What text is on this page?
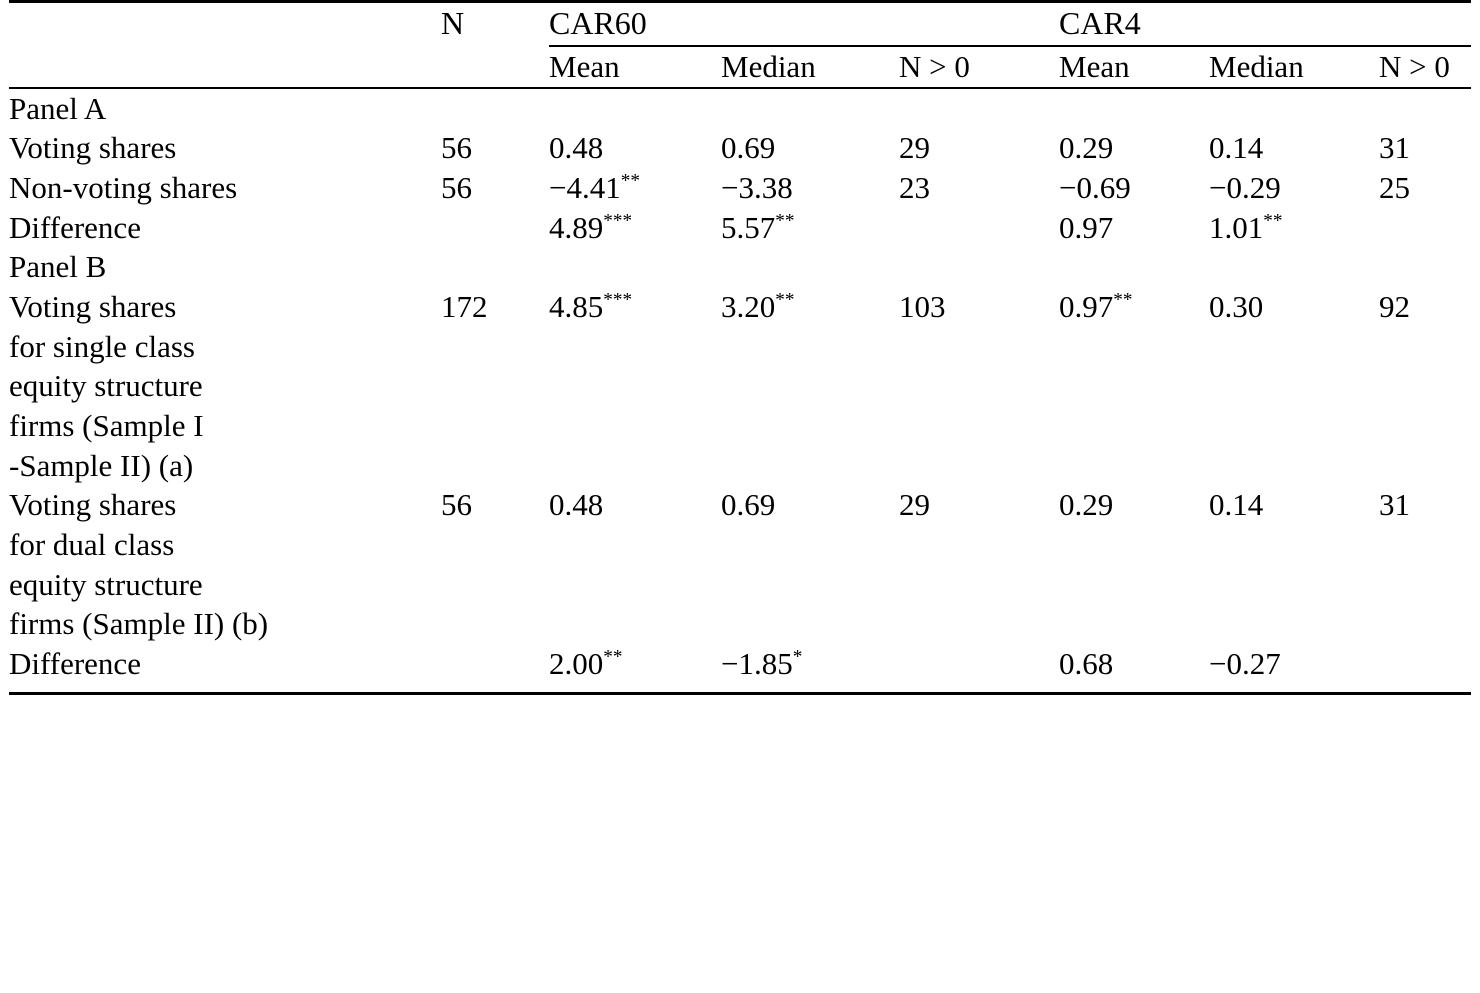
	N	CAR60			CAR4		

		Mean	Median	N > 0	Mean	Median	N > 0

Panel A							
Voting shares	56	0.48	0.69	29	0.29	0.14	31
Non-voting shares	56	−4.41**	−3.38	23	−0.69	−0.29	25
Difference		4.89***	5.57**		0.97	1.01**	
Panel B							
Voting shares	172	4.85***	3.20**	103	0.97**	0.30	92
for single class							
equity structure							
firms (Sample I							
-Sample II) (a)							
Voting shares	56	0.48	0.69	29	0.29	0.14	31
for dual class							
equity structure							
firms (Sample II) (b)							
Difference		2.00**	−1.85*		0.68	−0.27	
